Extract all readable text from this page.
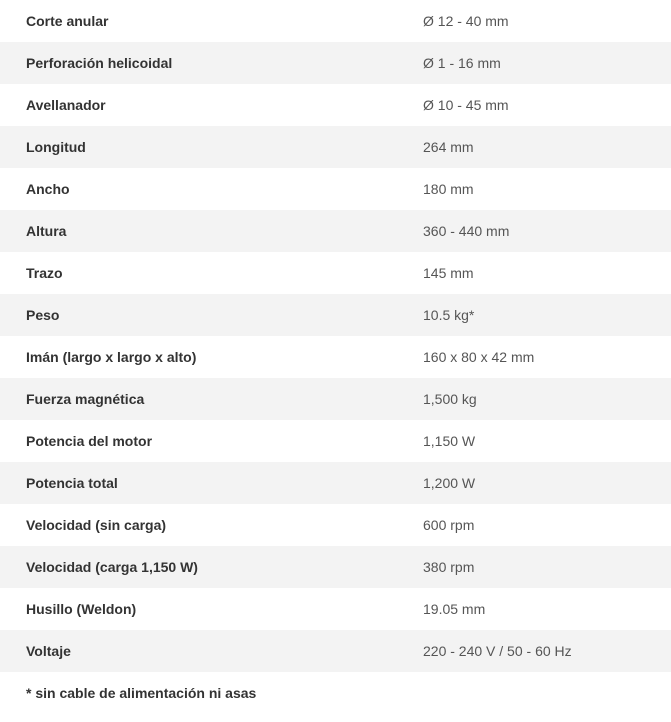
Corte anular	Ø 12 - 40 mm
Perforación helicoidal	Ø 1 - 16 mm
Avellanador	Ø 10 - 45 mm
Longitud	264 mm
Ancho	180 mm
Altura	360 - 440 mm
Trazo	145 mm
Peso	10.5 kg*
Imán (largo x largo x alto)	160 x 80 x 42 mm
Fuerza magnética	1,500 kg
Potencia del motor	1,150 W
Potencia total	1,200 W
Velocidad (sin carga)	600 rpm
Velocidad (carga 1,150 W)	380 rpm
Husillo (Weldon)	19.05 mm
Voltaje	220 - 240 V / 50 - 60 Hz
* sin cable de alimentación ni asas	
